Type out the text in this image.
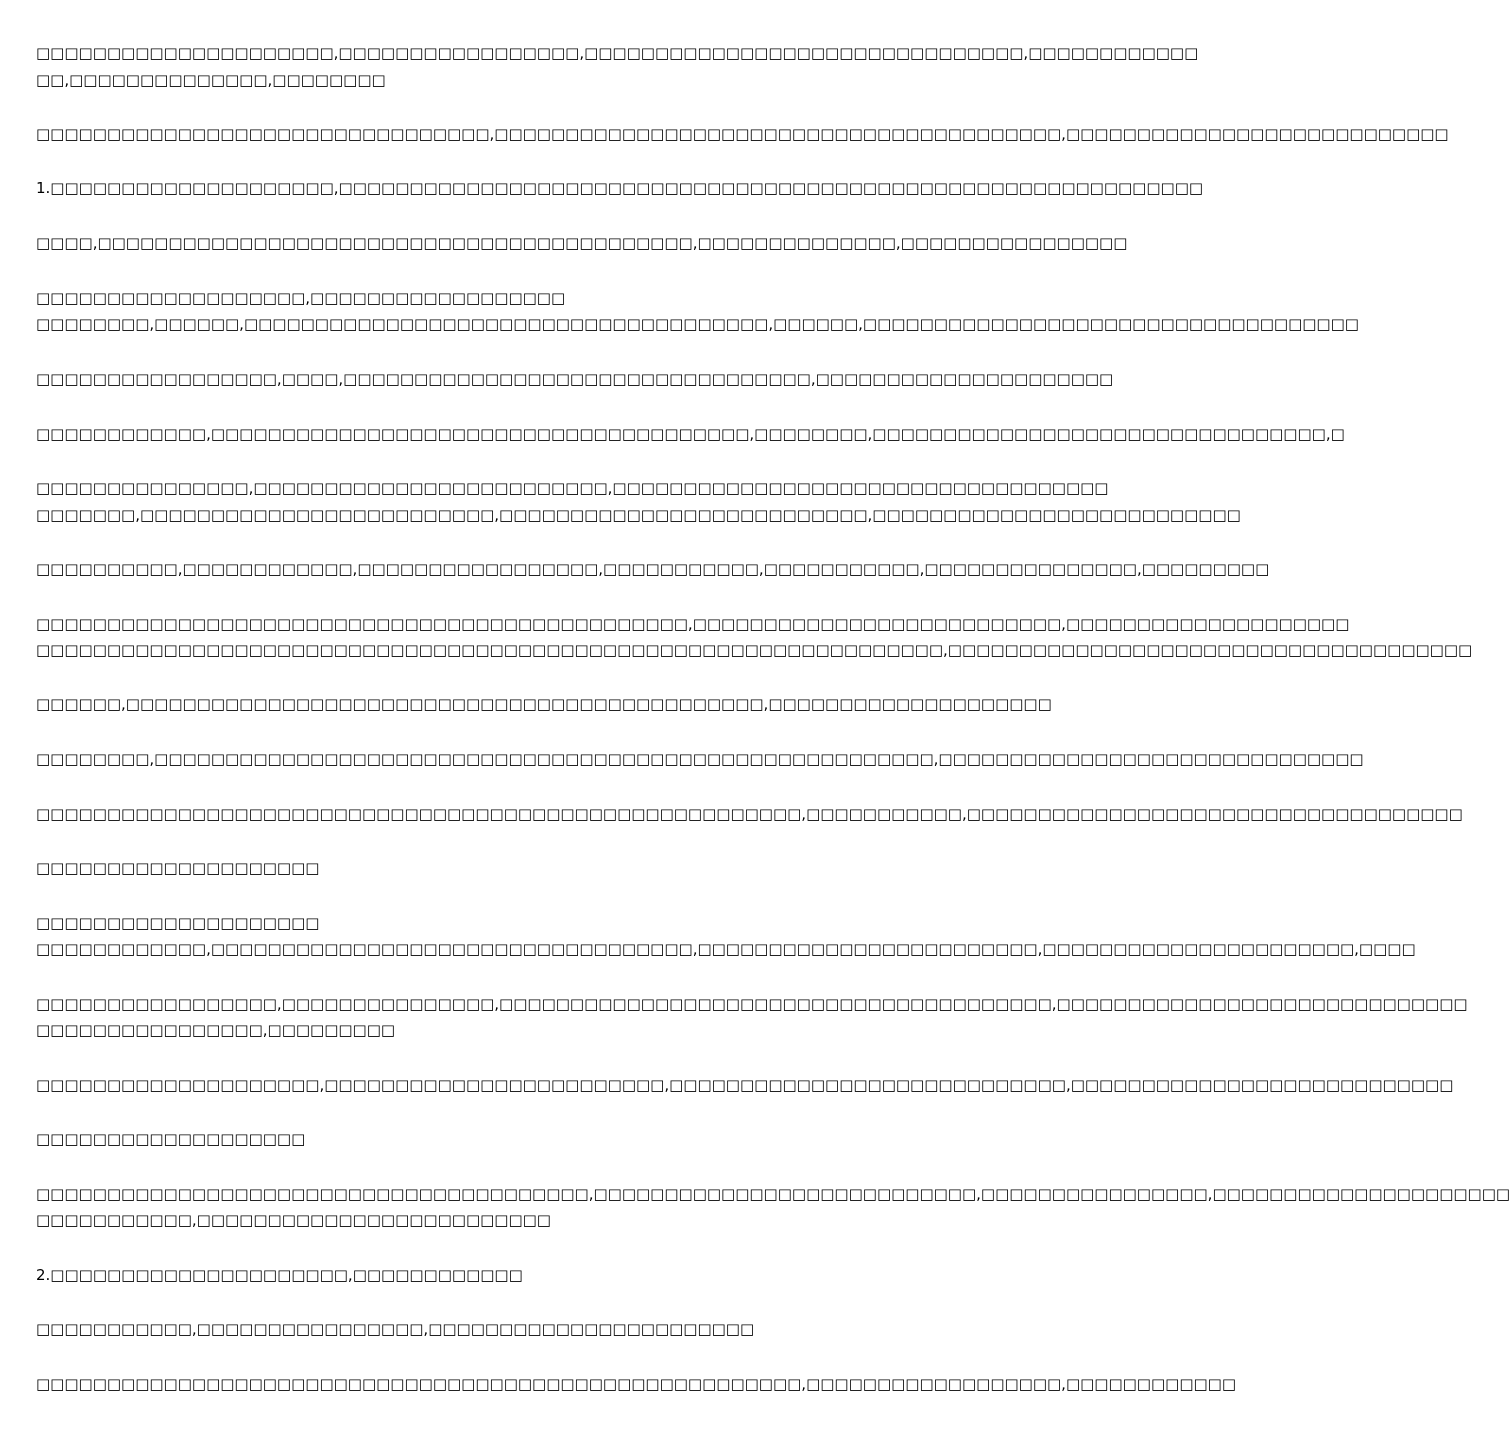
□□□□□□□□□□□□□□□□□□□□□,□□□□□□□□□□□□□□□□□,□□□□□□□□□□□□□□□□□□□□□□□□□□□□□□□,□□□□□□□□□□□□

□□,□□□□□□□□□□□□□□,□□□□□□□□

□□□□□□□□□□□□□□□□□□□□□□□□□□□□□□□□,□□□□□□□□□□□□□□□□□□□□□□□□□□□□□□□□□□□□□□□□,□□□□□□□□□□□□□□□□□□□□□□□□□□□

1.□□□□□□□□□□□□□□□□□□□□,□□□□□□□□□□□□□□□□□□□□□□□□□□□□□□□□□□□□□□□□□□□□□□□□□□□□□□□□□□□□□

□□□□,□□□□□□□□□□□□□□□□□□□□□□□□□□□□□□□□□□□□□□□□□□,□□□□□□□□□□□□□□,□□□□□□□□□□□□□□□□

□□□□□□□□□□□□□□□□□□□,□□□□□□□□□□□□□□□□□□

□□□□□□□□,□□□□□□,□□□□□□□□□□□□□□□□□□□□□□□□□□□□□□□□□□□□□,□□□□□□,□□□□□□□□□□□□□□□□□□□□□□□□□□□□□□□□□□□

□□□□□□□□□□□□□□□□□,□□□□,□□□□□□□□□□□□□□□□□□□□□□□□□□□□□□□□□,□□□□□□□□□□□□□□□□□□□□□

□□□□□□□□□□□□,□□□□□□□□□□□□□□□□□□□□□□□□□□□□□□□□□□□□□□,□□□□□□□□,□□□□□□□□□□□□□□□□□□□□□□□□□□□□□□□□,□

□□□□□□□□□□□□□□□,□□□□□□□□□□□□□□□□□□□□□□□□□,□□□□□□□□□□□□□□□□□□□□□□□□□□□□□□□□□□□

□□□□□□□,□□□□□□□□□□□□□□□□□□□□□□□□□,□□□□□□□□□□□□□□□□□□□□□□□□□□,□□□□□□□□□□□□□□□□□□□□□□□□□□

□□□□□□□□□□,□□□□□□□□□□□□,□□□□□□□□□□□□□□□□□,□□□□□□□□□□□,□□□□□□□□□□□,□□□□□□□□□□□□□□□,□□□□□□□□□

□□□□□□□□□□□□□□□□□□□□□□□□□□□□□□□□□□□□□□□□□□□□□□,□□□□□□□□□□□□□□□□□□□□□□□□□□,□□□□□□□□□□□□□□□□□□□□

□□□□□□□□□□□□□□□□□□□□□□□□□□□□□□□□□□□□□□□□□□□□□□□□□□□□□□□□□□□□□□□□,□□□□□□□□□□□□□□□□□□□□□□□□□□□□□□□□□□□□□

□□□□□□,□□□□□□□□□□□□□□□□□□□□□□□□□□□□□□□□□□□□□□□□□□□□□,□□□□□□□□□□□□□□□□□□□□

□□□□□□□□,□□□□□□□□□□□□□□□□□□□□□□□□□□□□□□□□□□□□□□□□□□□□□□□□□□□□□□□,□□□□□□□□□□□□□□□□□□□□□□□□□□□□□□

□□□□□□□□□□□□□□□□□□□□□□□□□□□□□□□□□□□□□□□□□□□□□□□□□□□□□□,□□□□□□□□□□□,□□□□□□□□□□□□□□□□□□□□□□□□□□□□□□□□□□□

□□□□□□□□□□□□□□□□□□□□

□□□□□□□□□□□□□□□□□□□□

□□□□□□□□□□□□,□□□□□□□□□□□□□□□□□□□□□□□□□□□□□□□□□□,□□□□□□□□□□□□□□□□□□□□□□□□,□□□□□□□□□□□□□□□□□□□□□□,□□□□

□□□□□□□□□□□□□□□□□,□□□□□□□□□□□□□□□,□□□□□□□□□□□□□□□□□□□□□□□□□□□□□□□□□□□□□□□,□□□□□□□□□□□□□□□□□□□□□□□□□□□□□

□□□□□□□□□□□□□□□□,□□□□□□□□□

□□□□□□□□□□□□□□□□□□□□,□□□□□□□□□□□□□□□□□□□□□□□□,□□□□□□□□□□□□□□□□□□□□□□□□□□□□,□□□□□□□□□□□□□□□□□□□□□□□□□□□

□□□□□□□□□□□□□□□□□□□

□□□□□□□□□□□□□□□□□□□□□□□□□□□□□□□□□□□□□□□,□□□□□□□□□□□□□□□□□□□□□□□□□□□,□□□□□□□□□□□□□□□□,□□□□□□□□□□□□□□□□□□□□□

□□□□□□□□□□□,□□□□□□□□□□□□□□□□□□□□□□□□□

2.□□□□□□□□□□□□□□□□□□□□□,□□□□□□□□□□□□

□□□□□□□□□□□,□□□□□□□□□□□□□□□□,□□□□□□□□□□□□□□□□□□□□□□□

□□□□□□□□□□□□□□□□□□□□□□□□□□□□□□□□□□□□□□□□□□□□□□□□□□□□□□,□□□□□□□□□□□□□□□□□□,□□□□□□□□□□□□
